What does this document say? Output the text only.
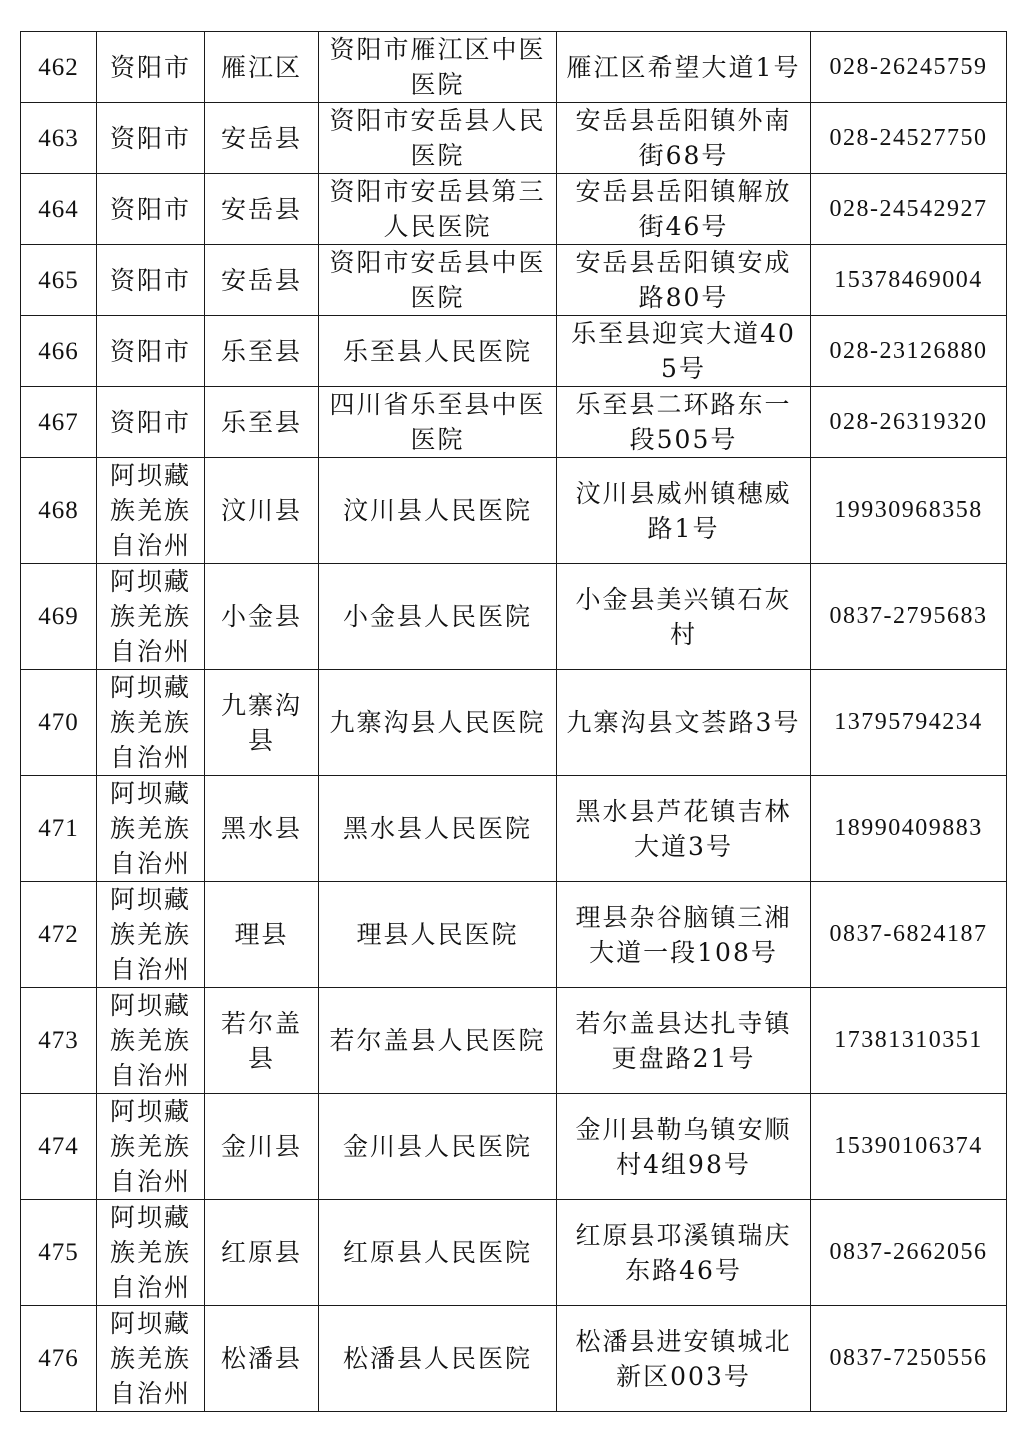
462	资阳市	雁江区	资阳市雁江区中医医院	雁江区希望大道1号	028-26245759
463	资阳市	安岳县	资阳市安岳县人民医院	安岳县岳阳镇外南街68号	028-24527750
464	资阳市	安岳县	资阳市安岳县第三人民医院	安岳县岳阳镇解放街46号	028-24542927
465	资阳市	安岳县	资阳市安岳县中医医院	安岳县岳阳镇安成路80号	15378469004
466	资阳市	乐至县	乐至县人民医院	乐至县迎宾大道405号	028-23126880
467	资阳市	乐至县	四川省乐至县中医医院	乐至县二环路东一段505号	028-26319320
468	阿坝藏族羌族自治州	汶川县	汶川县人民医院	汶川县威州镇穗威路1号	19930968358
469	阿坝藏族羌族自治州	小金县	小金县人民医院	小金县美兴镇石灰村	0837-2795683
470	阿坝藏族羌族自治州	九寨沟县	九寨沟县人民医院	九寨沟县文荟路3号	13795794234
471	阿坝藏族羌族自治州	黑水县	黑水县人民医院	黑水县芦花镇吉林大道3号	18990409883
472	阿坝藏族羌族自治州	理县	理县人民医院	理县杂谷脑镇三湘大道一段108号	0837-6824187
473	阿坝藏族羌族自治州	若尔盖县	若尔盖县人民医院	若尔盖县达扎寺镇更盘路21号	17381310351
474	阿坝藏族羌族自治州	金川县	金川县人民医院	金川县勒乌镇安顺村4组98号	15390106374
475	阿坝藏族羌族自治州	红原县	红原县人民医院	红原县邛溪镇瑞庆东路46号	0837-2662056
476	阿坝藏族羌族自治州	松潘县	松潘县人民医院	松潘县进安镇城北新区003号	0837-7250556
